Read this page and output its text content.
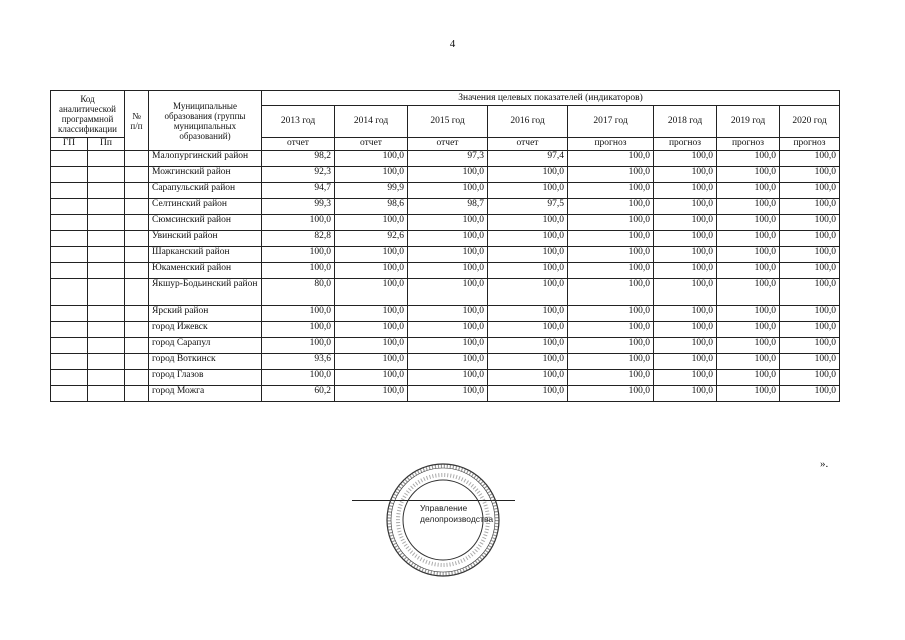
4
Код аналитической программной классификации		№ п/п	Муниципальные образования (группы муниципальных образований)	Значения целевых показателей (индикаторов)							
				2013 год	2014 год	2015 год	2016 год	2017 год	2018 год	2019 год	2020 год
ГП	Пп			отчет	отчет	отчет	отчет	прогноз	прогноз	прогноз	прогноз
			Малопургинский район	98,2	100,0	97,3	97,4	100,0	100,0	100,0	100,0
			Можгинский район	92,3	100,0	100,0	100,0	100,0	100,0	100,0	100,0
			Сарапульский район	94,7	99,9	100,0	100,0	100,0	100,0	100,0	100,0
			Селтинский район	99,3	98,6	98,7	97,5	100,0	100,0	100,0	100,0
			Сюмсинский район	100,0	100,0	100,0	100,0	100,0	100,0	100,0	100,0
			Увинский район	82,8	92,6	100,0	100,0	100,0	100,0	100,0	100,0
			Шарканский район	100,0	100,0	100,0	100,0	100,0	100,0	100,0	100,0
			Юкаменский район	100,0	100,0	100,0	100,0	100,0	100,0	100,0	100,0
			Якшур-Бодьинский район	80,0	100,0	100,0	100,0	100,0	100,0	100,0	100,0
			Ярский район	100,0	100,0	100,0	100,0	100,0	100,0	100,0	100,0
			город Ижевск	100,0	100,0	100,0	100,0	100,0	100,0	100,0	100,0
			город Сарапул	100,0	100,0	100,0	100,0	100,0	100,0	100,0	100,0
			город Воткинск	93,6	100,0	100,0	100,0	100,0	100,0	100,0	100,0
			город Глазов	100,0	100,0	100,0	100,0	100,0	100,0	100,0	100,0
			город Можга	60,2	100,0	100,0	100,0	100,0	100,0	100,0	100,0
».
Управление
делопроизводства
